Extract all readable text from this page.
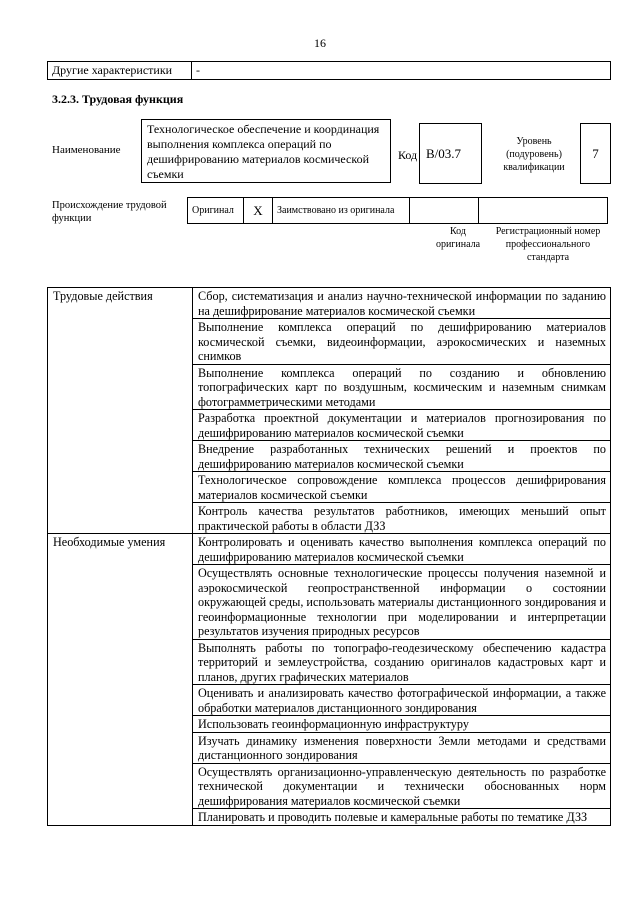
16
Другие характеристики	-
3.2.3. Трудовая функция
Наименование
Технологическое обеспечение и координация выполнения комплекса операций по дешифрированию материалов космической съемки
Код B/03.7
Уровень (подуровень) квалификации
7
Происхождение трудовой функции
Оригинал	X	Заимствовано из оригинала		
Код оригинала
Регистрационный номер профессионального стандарта
Трудовые действия	Сбор, систематизация и анализ научно-технической информации по заданию на дешифрирование материалов космической съемки
	Выполнение комплекса операций по дешифрированию материалов космической съемки, видеоинформации, аэрокосмических и наземных снимков
	Выполнение комплекса операций по созданию и обновлению топографических карт по воздушным, космическим и наземным снимкам фотограмметрическими методами
	Разработка проектной документации и материалов прогнозирования по дешифрированию материалов космической съемки
	Внедрение разработанных технических решений и проектов по дешифрированию материалов космической съемки
	Технологическое сопровождение комплекса процессов дешифрирования материалов космической съемки
	Контроль качества результатов работников, имеющих меньший опыт практической работы в области ДЗЗ
Необходимые умения	Контролировать и оценивать качество выполнения комплекса операций по дешифрированию материалов космической съемки
	Осуществлять основные технологические процессы получения наземной и аэрокосмической геопространственной информации о состоянии окружающей среды, использовать материалы дистанционного зондирования и геоинформационные технологии при моделировании и интерпретации результатов изучения природных ресурсов
	Выполнять работы по топографо-геодезическому обеспечению кадастра территорий и землеустройства, созданию оригиналов кадастровых карт и планов, других графических материалов
	Оценивать и анализировать качество фотографической информации, а также обработки материалов дистанционного зондирования
	Использовать геоинформационную инфраструктуру
	Изучать динамику изменения поверхности Земли методами и средствами дистанционного зондирования
	Осуществлять организационно-управленческую деятельность по разработке технической документации и технически обоснованных норм дешифрирования материалов космической съемки
	Планировать и проводить полевые и камеральные работы по тематике ДЗЗ
